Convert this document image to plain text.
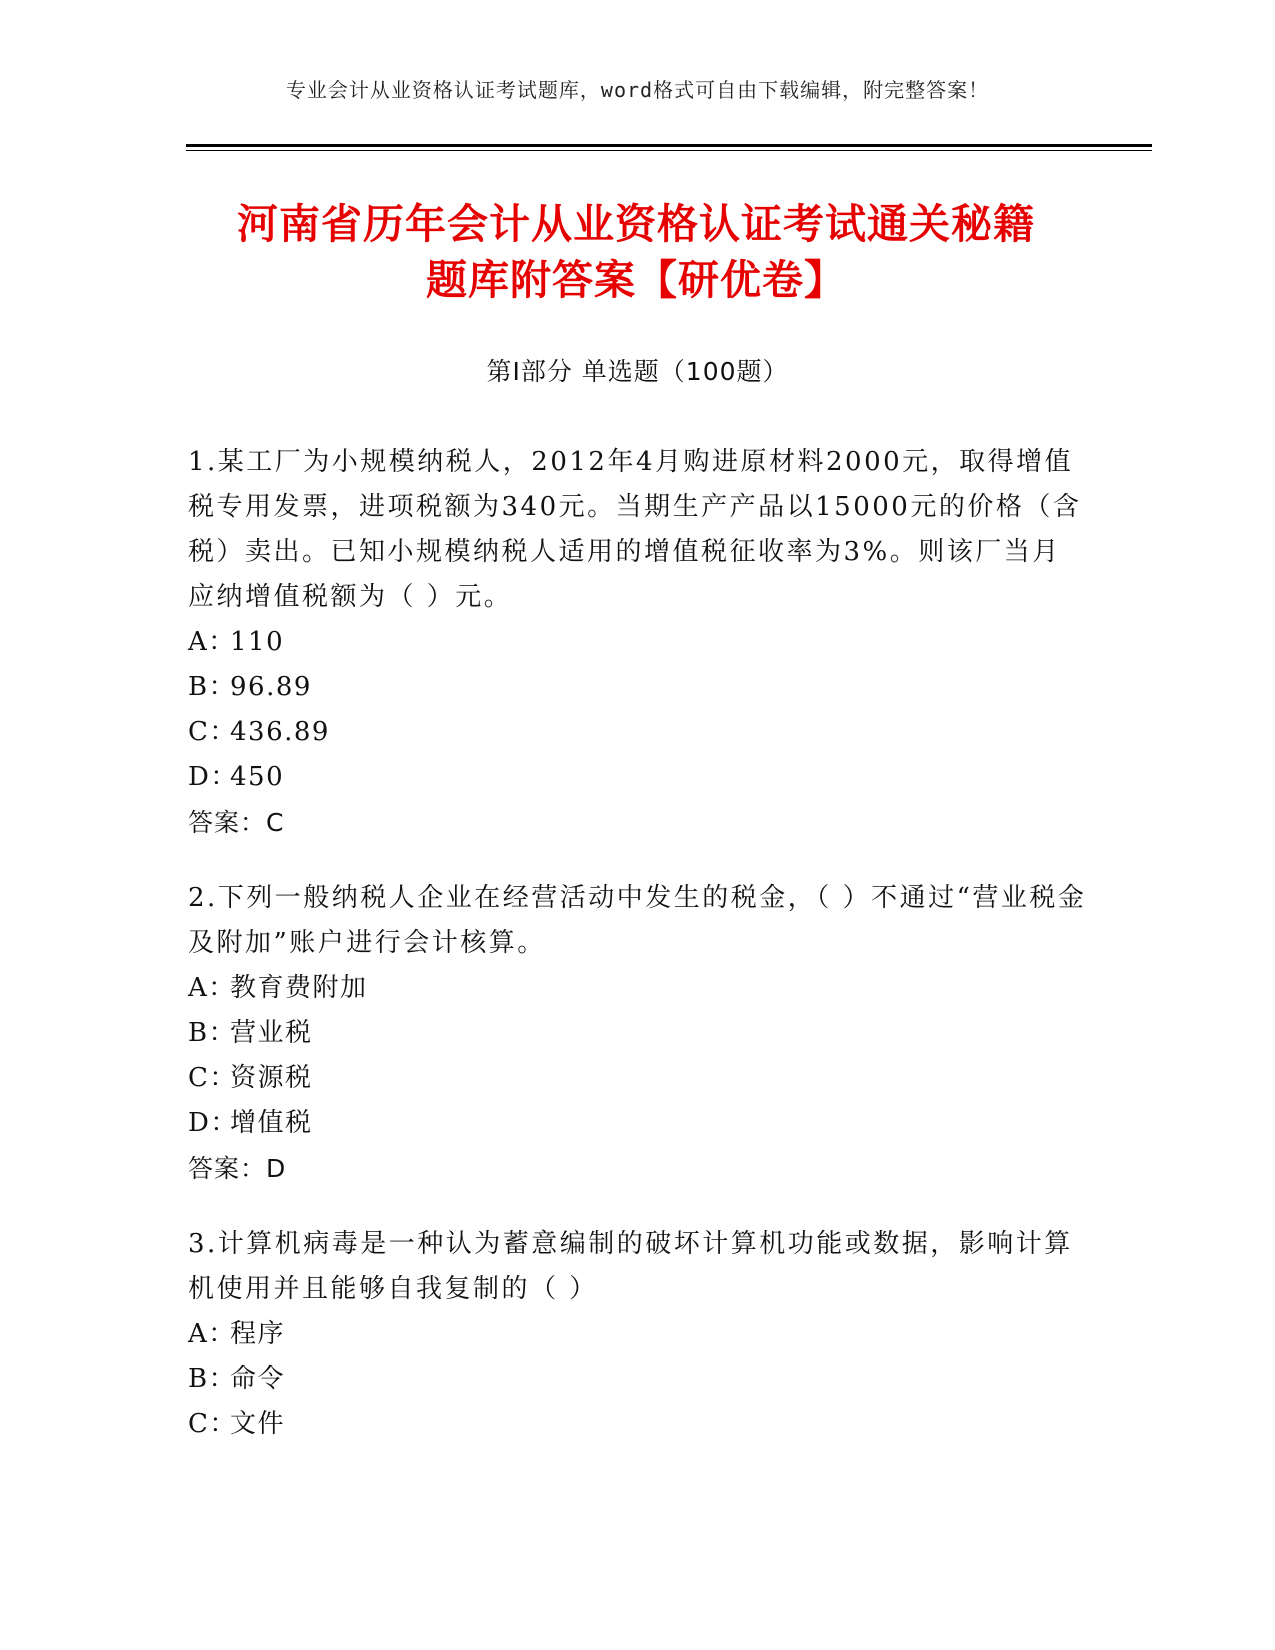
专业会计从业资格认证考试题库，word格式可自由下载编辑，附完整答案！
河南省历年会计从业资格认证考试通关秘籍
题库附答案【研优卷】
第Ⅰ部分 单选题（100题）

1.某工厂为小规模纳税人，2012年4月购进原材料2000元，取得增值税专用发票，进项税额为340元。当期生产产品以15000元的价格（含税）卖出。已知小规模纳税人适用的增值税征收率为3%。则该厂当月应纳增值税额为（ ）元。

A：110

B：96.89

C：436.89

D：450

答案：C

2.下列一般纳税人企业在经营活动中发生的税金，（ ）不通过“营业税金及附加”账户进行会计核算。

A：教育费附加

B：营业税

C：资源税

D：增值税

答案：D

3.计算机病毒是一种认为蓄意编制的破坏计算机功能或数据，影响计算机使用并且能够自我复制的（ ）

A：程序

B：命令

C：文件
